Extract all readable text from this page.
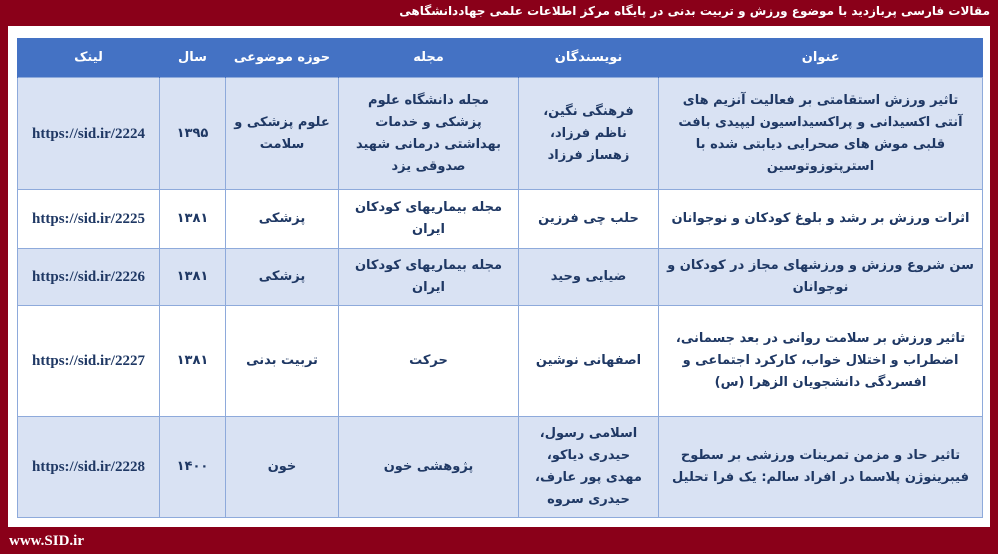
مقالات فارسی پربازدید با موضوع ورزش و تربیت بدنی در پایگاه مرکز اطلاعات علمی جهاددانشگاهی
عنوان	نویسندگان	مجله	حوزه موضوعی	سال	لینک
تاثیر ورزش استقامتی بر فعالیت آنزیم های آنتی اکسیدانی و پراکسیداسیون لیپیدی بافت قلبی موش های صحرایی دیابتی شده با استرپتوزوتوسین	فرهنگی نگین، ناظم فرزاد، زهساز فرزاد	مجله دانشگاه علوم پزشکی و خدمات بهداشتی درمانی شهید صدوقی یزد	علوم پزشکی و سلامت	۱۳۹۵	https://sid.ir/2224
اثرات ورزش بر رشد و بلوغ کودکان و نوجوانان	حلب چی فرزین	مجله بیماریهای کودکان ایران	پزشکی	۱۳۸۱	https://sid.ir/2225
سن شروع ورزش و ورزشهای مجاز در کودکان و نوجوانان	ضیایی وحید	مجله بیماریهای کودکان ایران	پزشکی	۱۳۸۱	https://sid.ir/2226
تاثیر ورزش بر سلامت روانی در بعد جسمانی، اضطراب و اختلال خواب، کارکرد اجتماعی و افسردگی دانشجویان الزهرا (س)	اصفهانی نوشین	حرکت	تربیت بدنی	۱۳۸۱	https://sid.ir/2227
تاثیر حاد و مزمن تمرینات ورزشی بر سطوح فیبرینوژن پلاسما در افراد سالم: یک فرا تحلیل	اسلامی رسول، حیدری دیاکو، مهدی پور عارف، حیدری سروه	پژوهشی خون	خون	۱۴۰۰	https://sid.ir/2228
www.SID.ir
